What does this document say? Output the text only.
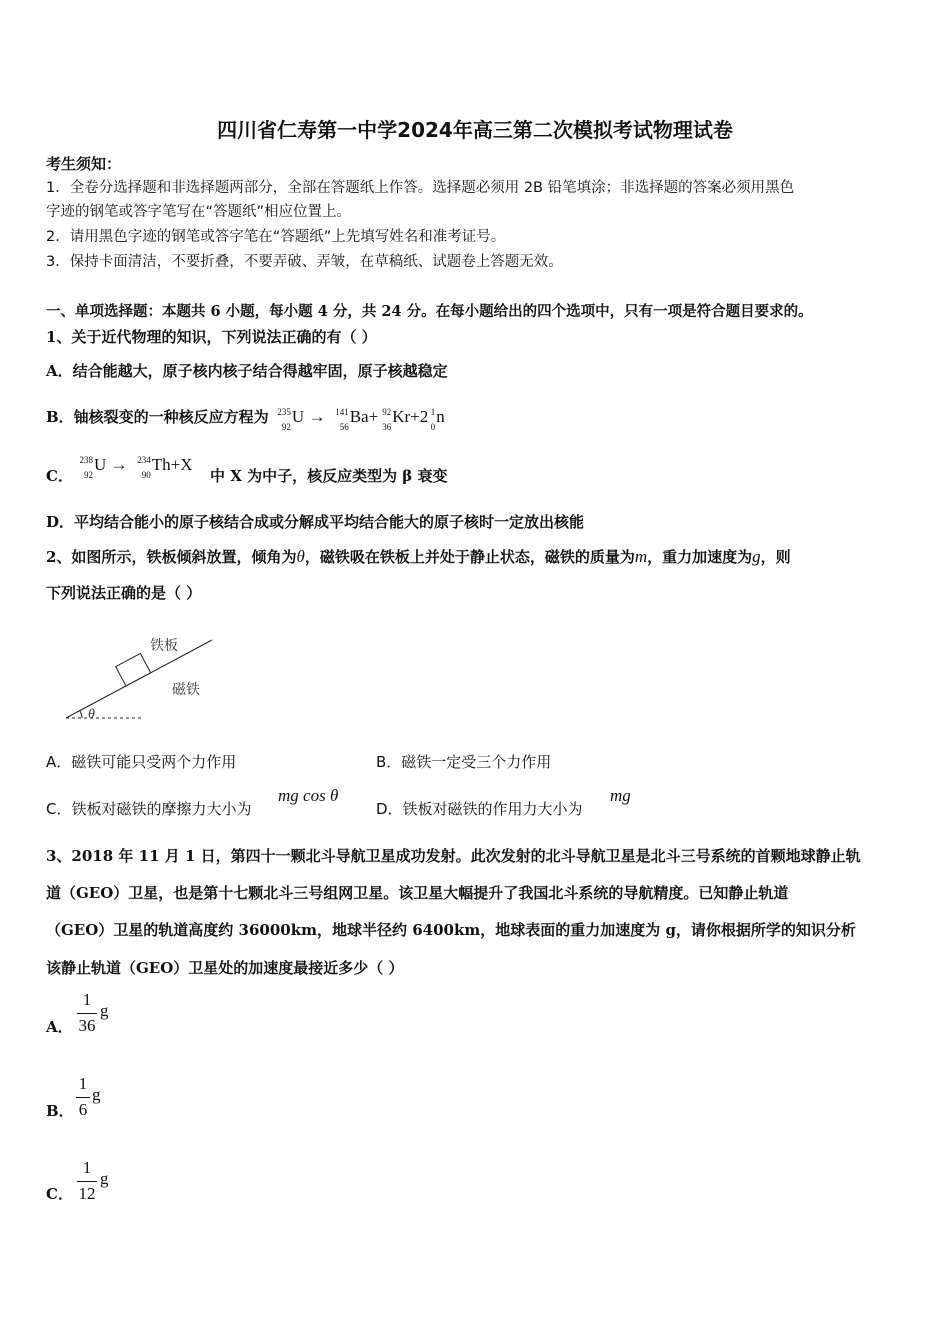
四川省仁寿第一中学2024年高三第二次模拟考试物理试卷
考生须知：
1．全卷分选择题和非选择题两部分，全部在答题纸上作答。选择题必须用 2B 铅笔填涂；非选择题的答案必须用黑色
字迹的钢笔或答字笔写在“答题纸”相应位置上。
2．请用黑色字迹的钢笔或答字笔在“答题纸”上先填写姓名和准考证号。
3．保持卡面清洁，不要折叠，不要弄破、弄皱，在草稿纸、试题卷上答题无效。
一、单项选择题：本题共 6 小题，每小题 4 分，共 24 分。在每小题给出的四个选项中，只有一项是符合题目要求的。
1、关于近代物理的知识，下列说法正确的有（ ）
A．结合能越大，原子核内核子结合得越牢固，原子核越稳定
B．铀核裂变的一种核反应方程为 235
92
U → 141
56
Ba+ 92
36
Kr+2 1
0
n
C．
238
92
U → 234
90
Th+X
中 X 为中子，核反应类型为 β 衰变
D．平均结合能小的原子核结合成或分解成平均结合能大的原子核时一定放出核能
2、如图所示，铁板倾斜放置，倾角为θ，磁铁吸在铁板上并处于静止状态，磁铁的质量为m，重力加速度为g，则
下列说法正确的是（ ）
铁板
磁铁
θ
A．磁铁可能只受两个力作用	B．磁铁一定受三个力作用
C．铁板对磁铁的摩擦力大小为
mg cos θ
D．铁板对磁铁的作用力大小为
mg
3、2018 年 11 月 1 日，第四十一颗北斗导航卫星成功发射。此次发射的北斗导航卫星是北斗三号系统的首颗地球静止轨
道（GEO）卫星，也是第十七颗北斗三号组网卫星。该卫星大幅提升了我国北斗系统的导航精度。已知静止轨道
（GEO）卫星的轨道高度约 36000km，地球半径约 6400km，地球表面的重力加速度为 g，请你根据所学的知识分析
该静止轨道（GEO）卫星处的加速度最接近多少（ ）
A．
1
36
g
B．
1
6
g
C．
1
12
g
